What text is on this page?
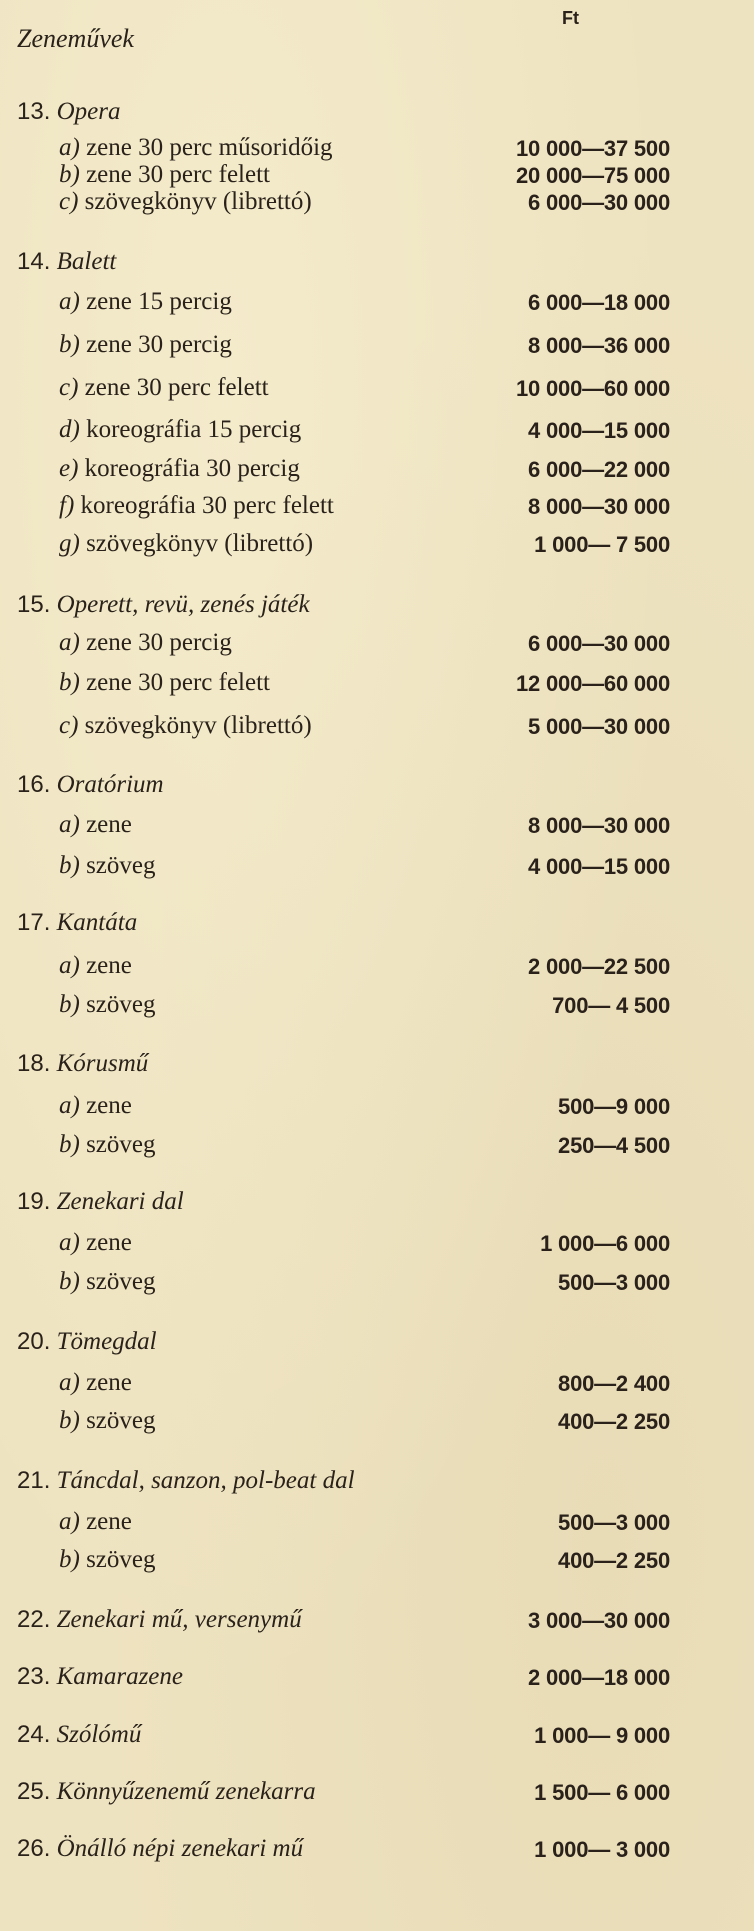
Ft
Zeneművek
13. Opera
a) zene 30 perc műsoridőig	10 000—37 500
b) zene 30 perc felett	20 000—75 000
c) szövegkönyv (librettó)	6 000—30 000
14. Balett
a) zene 15 percig	6 000—18 000
b) zene 30 percig	8 000—36 000
c) zene 30 perc felett	10 000—60 000
d) koreográfia 15 percig	4 000—15 000
e) koreográfia 30 percig	6 000—22 000
f) koreográfia 30 perc felett	8 000—30 000
g) szövegkönyv (librettó)	1 000— 7 500
15. Operett, revü, zenés játék
a) zene 30 percig	6 000—30 000
b) zene 30 perc felett	12 000—60 000
c) szövegkönyv (librettó)	5 000—30 000
16. Oratórium
a) zene	8 000—30 000
b) szöveg	4 000—15 000
17. Kantáta
a) zene	2 000—22 500
b) szöveg	700— 4 500
18. Kórusmű
a) zene	500—9 000
b) szöveg	250—4 500
19. Zenekari dal
a) zene	1 000—6 000
b) szöveg	500—3 000
20. Tömegdal
a) zene	800—2 400
b) szöveg	400—2 250
21. Táncdal, sanzon, pol-beat dal
a) zene	500—3 000
b) szöveg	400—2 250
22. Zenekari mű, versenymű	3 000—30 000
23. Kamarazene	2 000—18 000
24. Szólómű	1 000— 9 000
25. Könnyűzenemű zenekarra	1 500— 6 000
26. Önálló népi zenekari mű	1 000— 3 000
